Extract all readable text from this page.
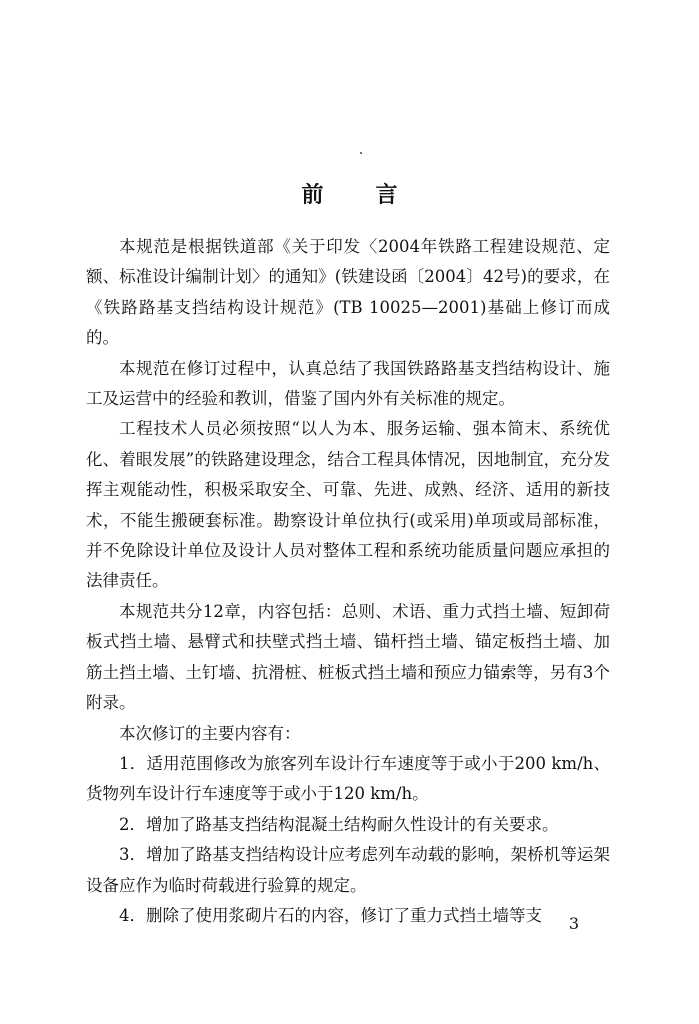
前 言

本规范是根据铁道部《关于印发〈2004年铁路工程建设规范、定额、标准设计编制计划〉的通知》(铁建设函〔2004〕42号)的要求，在《铁路路基支挡结构设计规范》(TB 10025—2001)基础上修订而成的。

本规范在修订过程中，认真总结了我国铁路路基支挡结构设计、施工及运营中的经验和教训，借鉴了国内外有关标准的规定。

工程技术人员必须按照“以人为本、服务运输、强本简末、系统优化、着眼发展”的铁路建设理念，结合工程具体情况，因地制宜，充分发挥主观能动性，积极采取安全、可靠、先进、成熟、经济、适用的新技术，不能生搬硬套标准。勘察设计单位执行(或采用)单项或局部标准，并不免除设计单位及设计人员对整体工程和系统功能质量问题应承担的法律责任。

本规范共分12章，内容包括：总则、术语、重力式挡土墙、短卸荷板式挡土墙、悬臂式和扶壁式挡土墙、锚杆挡土墙、锚定板挡土墙、加筋土挡土墙、土钉墙、抗滑桩、桩板式挡土墙和预应力锚索等，另有3个附录。

本次修订的主要内容有：

1．适用范围修改为旅客列车设计行车速度等于或小于200 km/h、货物列车设计行车速度等于或小于120 km/h。

2．增加了路基支挡结构混凝土结构耐久性设计的有关要求。

3．增加了路基支挡结构设计应考虑列车动载的影响，架桥机等运架设备应作为临时荷载进行验算的规定。

4．删除了使用浆砌片石的内容，修订了重力式挡土墙等支	3
